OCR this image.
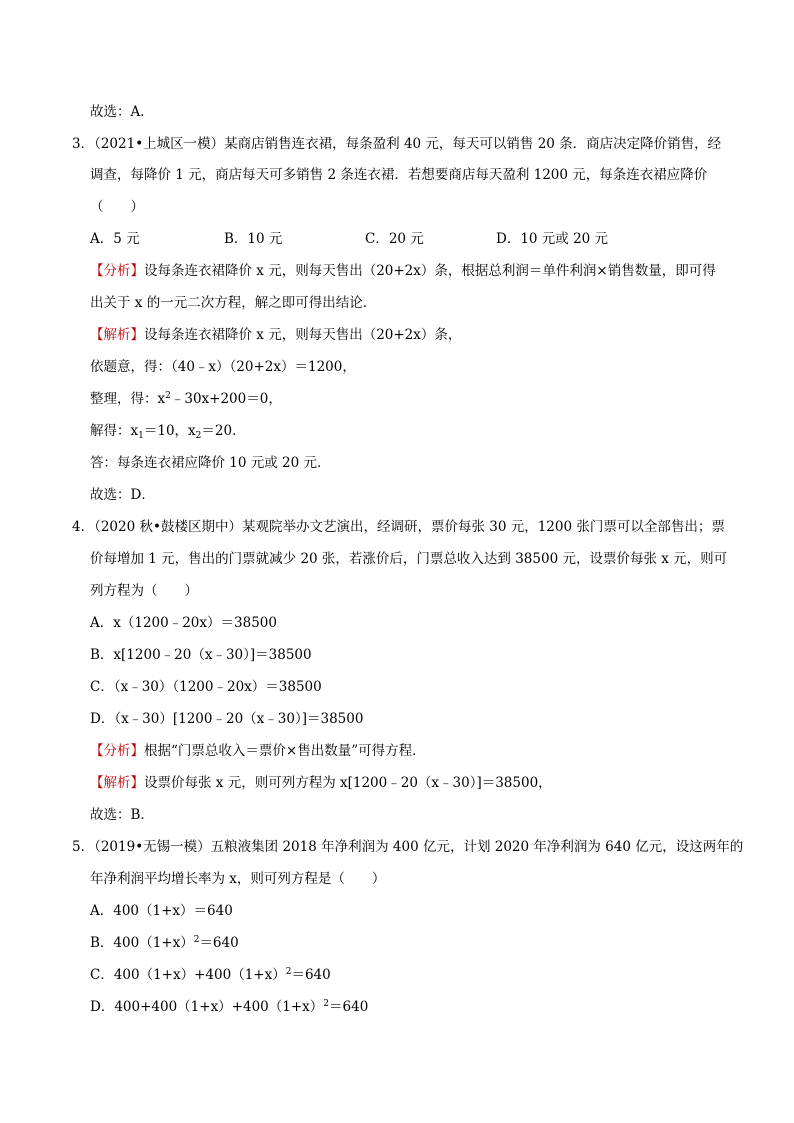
故选：A．
3．（2021•上城区一模）某商店销售连衣裙，每条盈利 40 元，每天可以销售 20 条．商店决定降价销售，经
调查，每降价 1 元，商店每天可多销售 2 条连衣裙．若想要商店每天盈利 1200 元，每条连衣裙应降价
（　　）
A．5 元	B．10 元	C．20 元	D．10 元或 20 元
【分析】设每条连衣裙降价 x 元，则每天售出（20+2x）条，根据总利润＝单件利润×销售数量，即可得
出关于 x 的一元二次方程，解之即可得出结论．
【解析】设每条连衣裙降价 x 元，则每天售出（20+2x）条，
依题意，得：（40﹣x）（20+2x）＝1200，
整理，得：$x^2﹣30x+200=0$，
解得：$x_1=10$，$x_2=20$．
答：每条连衣裙应降价 10 元或 20 元．
故选：D．
4．（2020 秋•鼓楼区期中）某观院举办文艺演出，经调研，票价每张 30 元，1200 张门票可以全部售出；票
价每增加 1 元，售出的门票就减少 20 张，若涨价后，门票总收入达到 38500 元，设票价每张 x 元，则可
列方程为（　　）
A．x（1200﹣20x）＝38500
B．x[1200﹣20（x﹣30）]＝38500
C．（x﹣30）（1200﹣20x）＝38500
D．（x﹣30）[1200﹣20（x﹣30）]＝38500
【分析】根据“门票总收入＝票价×售出数量”可得方程．
【解析】设票价每张 x 元，则可列方程为 x[1200﹣20（x﹣30）]＝38500，
故选：B．
5．（2019•无锡一模）五粮液集团 2018 年净利润为 400 亿元，计划 2020 年净利润为 640 亿元，设这两年的
年净利润平均增长率为 x，则可列方程是（　　）
A．400（1+x）＝640
B．$400(1+x)^2=640$
C．$400(1+x)+400(1+x)^2=640$
D．$400+400(1+x)+400(1+x)^2=640$
